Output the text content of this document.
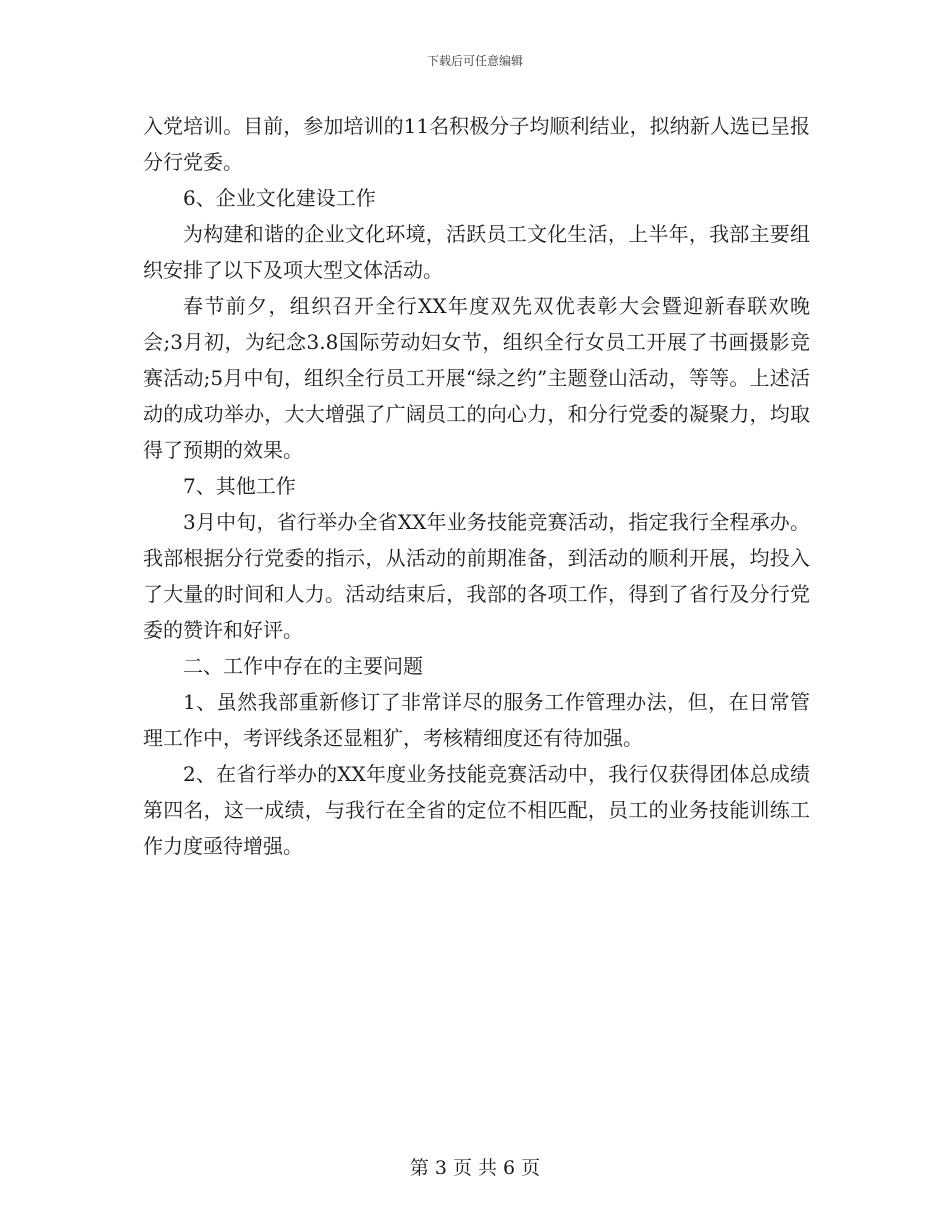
下载后可任意编辑

入党培训。目前，参加培训的11名积极分子均顺利结业，拟纳新人选已呈报分行党委。

6、企业文化建设工作

为构建和谐的企业文化环境，活跃员工文化生活，上半年，我部主要组织安排了以下及项大型文体活动。

春节前夕，组织召开全行XX年度双先双优表彰大会暨迎新春联欢晚会;3月初，为纪念3.8国际劳动妇女节，组织全行女员工开展了书画摄影竞赛活动;5月中旬，组织全行员工开展“绿之约”主题登山活动，等等。上述活动的成功举办，大大增强了广阔员工的向心力，和分行党委的凝聚力，均取得了预期的效果。

7、其他工作

3月中旬，省行举办全省XX年业务技能竞赛活动，指定我行全程承办。我部根据分行党委的指示，从活动的前期准备，到活动的顺利开展，均投入了大量的时间和人力。活动结束后，我部的各项工作，得到了省行及分行党委的赞许和好评。

二、工作中存在的主要问题

1、虽然我部重新修订了非常详尽的服务工作管理办法，但，在日常管理工作中，考评线条还显粗犷，考核精细度还有待加强。

2、在省行举办的XX年度业务技能竞赛活动中，我行仅获得团体总成绩第四名，这一成绩，与我行在全省的定位不相匹配，员工的业务技能训练工作力度亟待增强。

第 3 页 共 6 页
